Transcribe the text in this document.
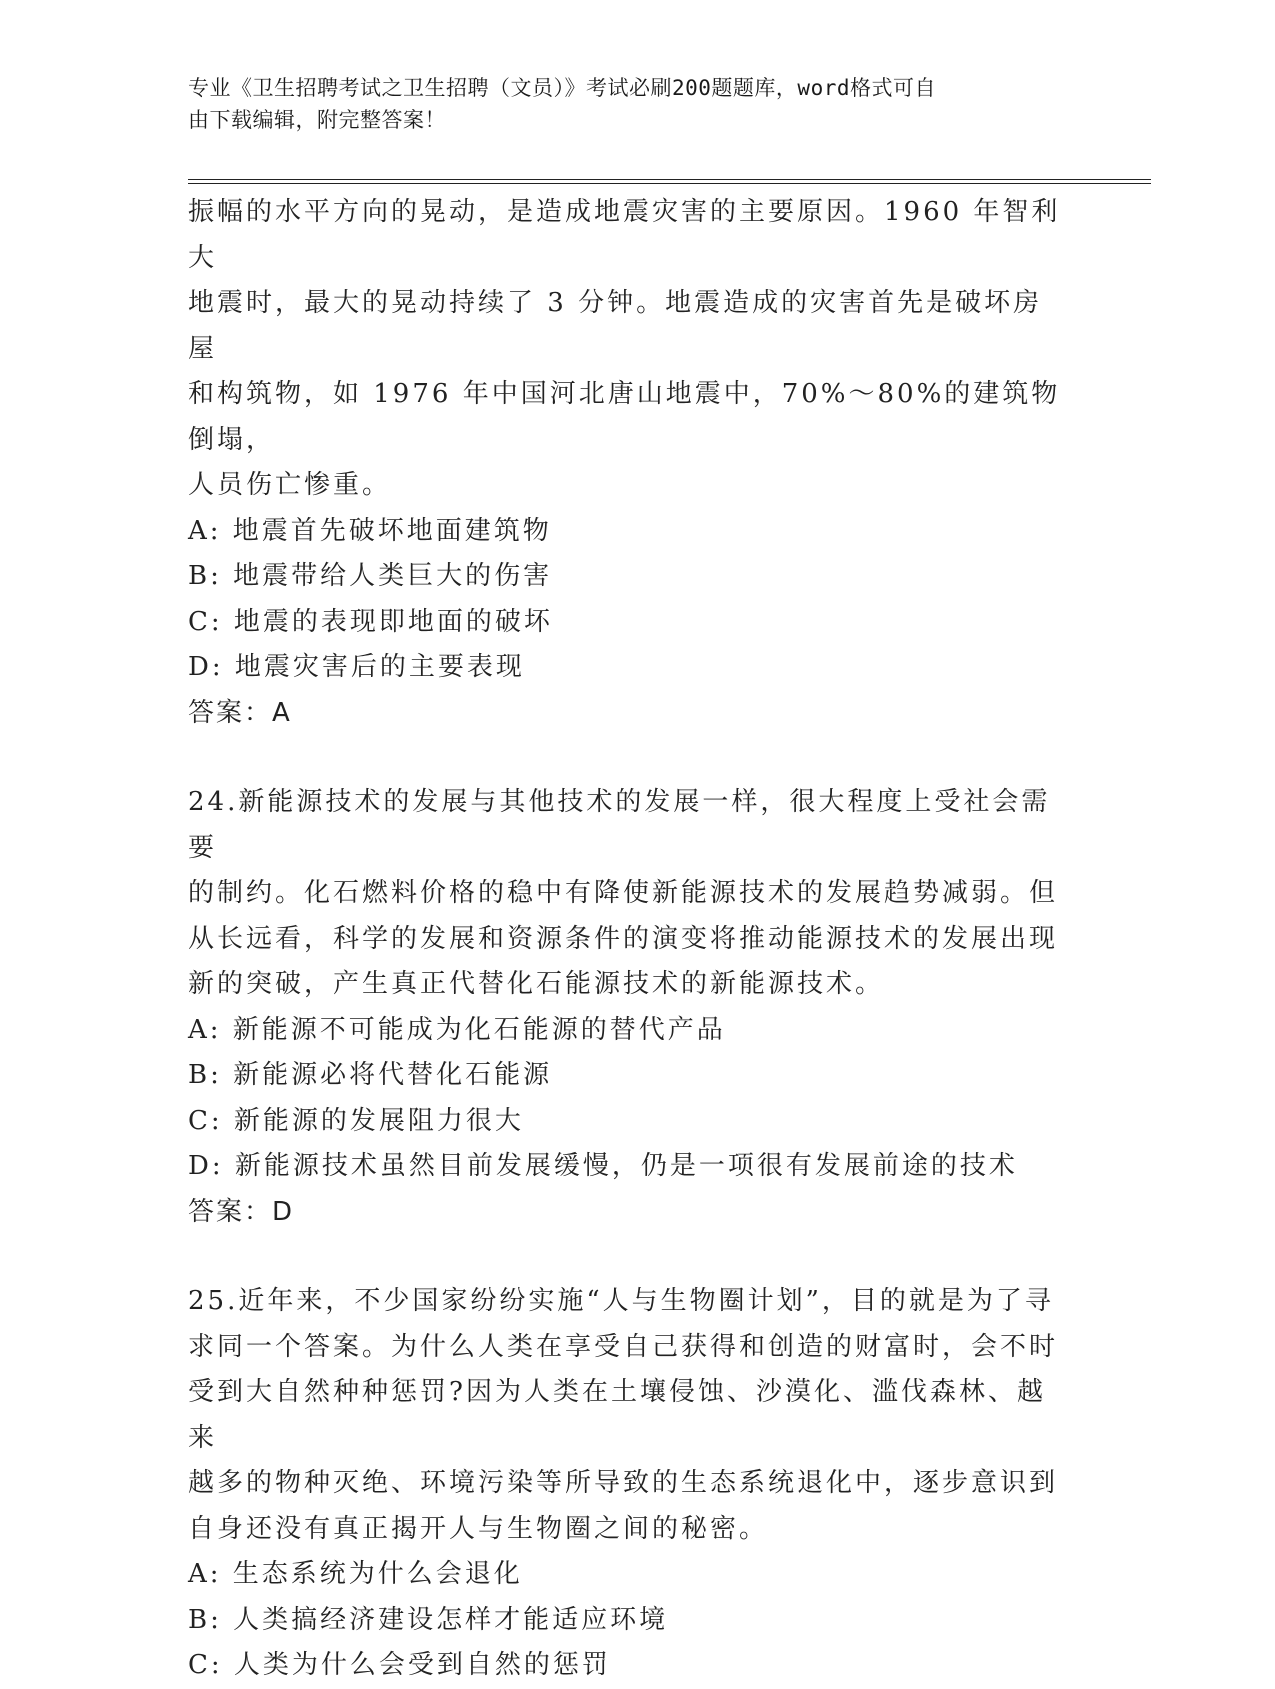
专业《卫生招聘考试之卫生招聘（文员）》考试必刷200题题库，word格式可自
由下载编辑，附完整答案！

振幅的水平方向的晃动，是造成地震灾害的主要原因。1960 年智利大

地震时，最大的晃动持续了 3 分钟。地震造成的灾害首先是破坏房屋

和构筑物，如 1976 年中国河北唐山地震中，70%～80%的建筑物倒塌，

人员伤亡惨重。

A: 地震首先破坏地面建筑物

B: 地震带给人类巨大的伤害

C: 地震的表现即地面的破坏

D: 地震灾害后的主要表现

答案：A

24.新能源技术的发展与其他技术的发展一样，很大程度上受社会需要

的制约。化石燃料价格的稳中有降使新能源技术的发展趋势减弱。但

从长远看，科学的发展和资源条件的演变将推动能源技术的发展出现

新的突破，产生真正代替化石能源技术的新能源技术。

A: 新能源不可能成为化石能源的替代产品

B: 新能源必将代替化石能源

C: 新能源的发展阻力很大

D: 新能源技术虽然目前发展缓慢，仍是一项很有发展前途的技术

答案：D

25.近年来，不少国家纷纷实施“人与生物圈计划”，目的就是为了寻

求同一个答案。为什么人类在享受自己获得和创造的财富时，会不时

受到大自然种种惩罚?因为人类在土壤侵蚀、沙漠化、滥伐森林、越来

越多的物种灭绝、环境污染等所导致的生态系统退化中，逐步意识到

自身还没有真正揭开人与生物圈之间的秘密。

A: 生态系统为什么会退化

B: 人类搞经济建设怎样才能适应环境

C: 人类为什么会受到自然的惩罚
